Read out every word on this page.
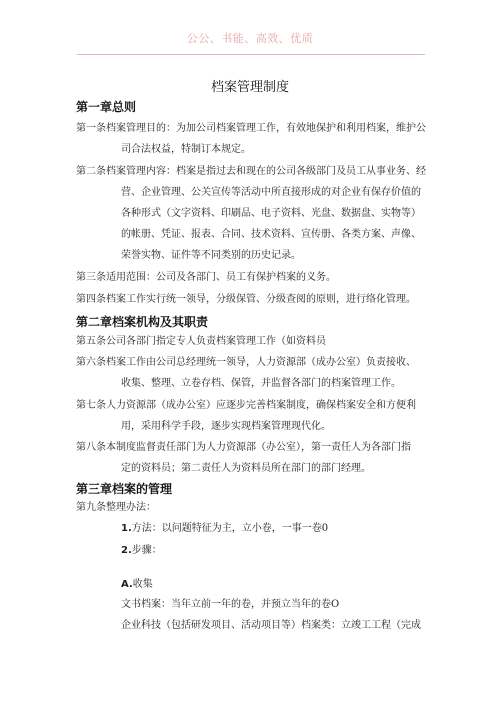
公公、书能、高效、优质
档案管理制度
第一章总则
第一条档案管理目的：为加公司档案管理工作，有效地保护和利用档案，维护公
司合法权益，特制订本规定。
第二条档案管理内容：档案是指过去和现在的公司各级部门及员工从事业务、经
营、企业管理、公关宣传等活动中所直接形成的对企业有保存价值的
各种形式（文字资料、印刷品、电子资料、光盘、数据盘、实物等）
的帐册、凭证、报表、合同、技术资料、宣传册、各类方案、声像、
荣誉实物、证件等不同类别的历史记录。
第三条适用范围：公司及各部门、员工有保护档案的义务。
第四条档案工作实行统一领导，分级保管、分级查阅的原则，进行络化管理。
第二章档案机构及其职责
第五条公司各部门指定专人负责档案管理工作（如资料员
第六条档案工作由公司总经理统一领导，人力资源部（成办公室）负责接收、
收集、整理、立卷存档、保管，并监督各部门的档案管理工作。
第七条人力资源部（成办公室）应逐步完善档案制度，确保档案安全和方便利
用，采用科学手段，逐步实现档案管理现代化。
第八条本制度监督责任部门为人力资源部（办公室），第一责任人为各部门指
定的资料员；第二责任人为资料员所在部门的部门经理。
第三章档案的管理
第九条整理办法：
1.方法：以问题特征为主，立小卷，一事一卷0
2.步骤：
A.收集
文书档案：当年立前一年的卷，并预立当年的卷O
企业科技（包括研发项目、活动项目等）档案类：立竣工工程（完成
